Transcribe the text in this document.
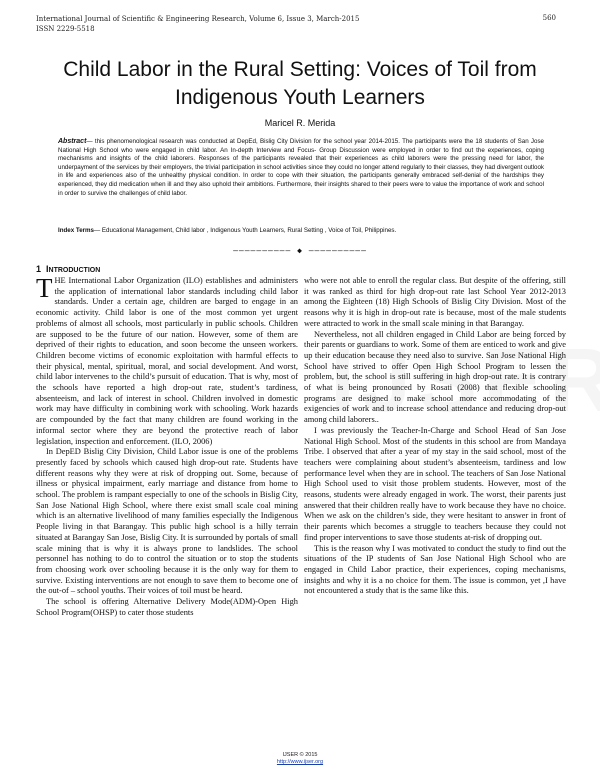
International Journal of Scientific & Engineering Research, Volume 6, Issue 3, March-2015
ISSN 2229-5518
560
Child Labor in the Rural Setting: Voices of Toil from Indigenous Youth Learners
Maricel R. Merida
Abstract— this phenomenological research was conducted at DepEd, Bislig City Division for the school year 2014-2015. The participants were the 18 students of San Jose National High School who were engaged in child labor. An In-depth Interview and Focus- Group Discussion were employed in order to find out the experiences, coping mechanisms and insights of the child laborers. Responses of the participants revealed that their experiences as child laborers were the pressing need for labor, the underpayment of the services by their employers, the trivial participation in school activities since they could no longer attend regularly to their classes, they had divergent outlook in life and experiences also of the unhealthy physical condition. In order to cope with their situation, the participants generally embraced self-denial of the hardships they experienced, they did medication when ill and they also uphold their ambitions. Furthermore, their insights shared to their peers were to value the importance of work and school in order to survive the challenges of child labor.
Index Terms— Educational Management, Child labor , Indigenous Youth Learners, Rural Setting , Voice of Toil, Philippines.
—————————— ◆ ——————————
1 INTRODUCTION

THE International Labor Organization (ILO) establishes and administers the application of international labor standards including child labor standards. Under a certain age, children are barged to engage in an economic activity. Child labor is one of the most common yet urgent problems of almost all schools, most particularly in public schools. Children are supposed to be the future of our nation. However, some of them are deprived of their rights to education, and soon become the unseen workers. Children become victims of economic exploitation with harmful effects to their physical, mental, spiritual, moral, and social development. And worst, child labor intervenes to the child’s pursuit of education. That is why, most of the schools have reported a high drop-out rate, student’s tardiness, absenteeism, and lack of interest in school. Children involved in domestic work may have difficulty in combining work with schooling. Work hazards are compounded by the fact that many children are found working in the informal sector where they are beyond the protective reach of labor legislation, inspection and enforcement. (ILO, 2006)

In DepED Bislig City Division, Child Labor issue is one of the problems presently faced by schools which caused high drop-out rate. Students have different reasons why they were at risk of dropping out. Some, because of illness or physical impairment, early marriage and distance from home to school. The problem is rampant especially to one of the schools in Bislig City, San Jose National High School, where there exist small scale coal mining which is an alternative livelihood of many families especially the Indigenous People living in that Barangay. This public high school is a hilly terrain situated at Barangay San Jose, Bislig City. It is surrounded by portals of small scale mining that is why it is always prone to landslides. The school personnel has nothing to do to control the situation or to stop the students from choosing work over schooling because it is the only way for them to survive. Existing interventions are not enough to save them to become one of the out-of – school youths. Their voices of toil must be heard.

The school is offering Alternative Delivery Mode(ADM)-Open High School Program(OHSP) to cater those students

who were not able to enroll the regular class. But despite of the offering, still it was ranked as third for high drop-out rate last School Year 2012-2013 among the Eighteen (18) High Schools of Bislig City Division. Most of the reasons why it is high in drop-out rate is because, most of the male students were attracted to work in the small scale mining in that Barangay.

Nevertheless, not all children engaged in Child Labor are being forced by their parents or guardians to work. Some of them are enticed to work and give up their education because they need also to survive. San Jose National High School have strived to offer Open High School Program to lessen the problem, but, the school is still suffering in high drop-out rate. It is contrary of what is being pronounced by Rosati (2008) that flexible schooling programs are designed to make school more accommodating of the exigencies of work and to increase school attendance and reducing drop-out among child laborers..

I was previously the Teacher-In-Charge and School Head of San Jose National High School. Most of the students in this school are from Mandaya Tribe. I observed that after a year of my stay in the said school, most of the teachers were complaining about student’s absenteeism, tardiness and low performance level when they are in school. The teachers of San Jose National High School used to visit those problem students. However, most of the reasons, students were already engaged in work. The worst, their parents just answered that their children really have to work because they have no choice. When we ask on the children’s side, they were hesitant to answer in front of their parents which becomes a struggle to teachers because they could not find proper interventions to save those students at-risk of dropping out.

This is the reason why I was motivated to conduct the study to find out the situations of the IP students of San Jose National High School who are engaged in Child Labor practice, their experiences, coping mechanisms, insights and why it is a no choice for them. The issue is common, yet ,I have not encountered a study that is the same like this.

IJSER © 2015
http://www.ijser.org
